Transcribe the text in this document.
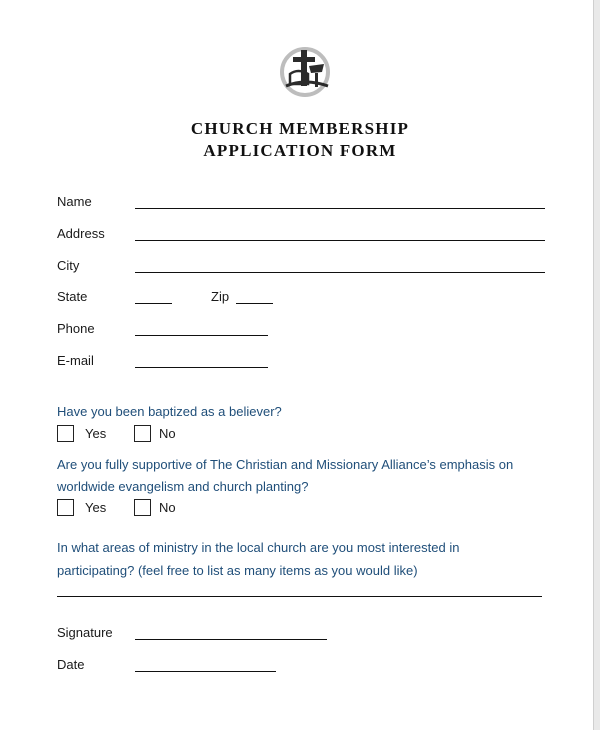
CHURCH MEMBERSHIP
APPLICATION FORM
Name
Address
City
State	Zip
Phone
E-mail
Have you been baptized as a believer?
Yes	No
Are you fully supportive of The Christian and Missionary Alliance’s emphasis on
worldwide evangelism and church planting?
Yes	No
In what areas of ministry in the local church are you most interested in
participating? (feel free to list as many items as you would like)
Signature
Date
